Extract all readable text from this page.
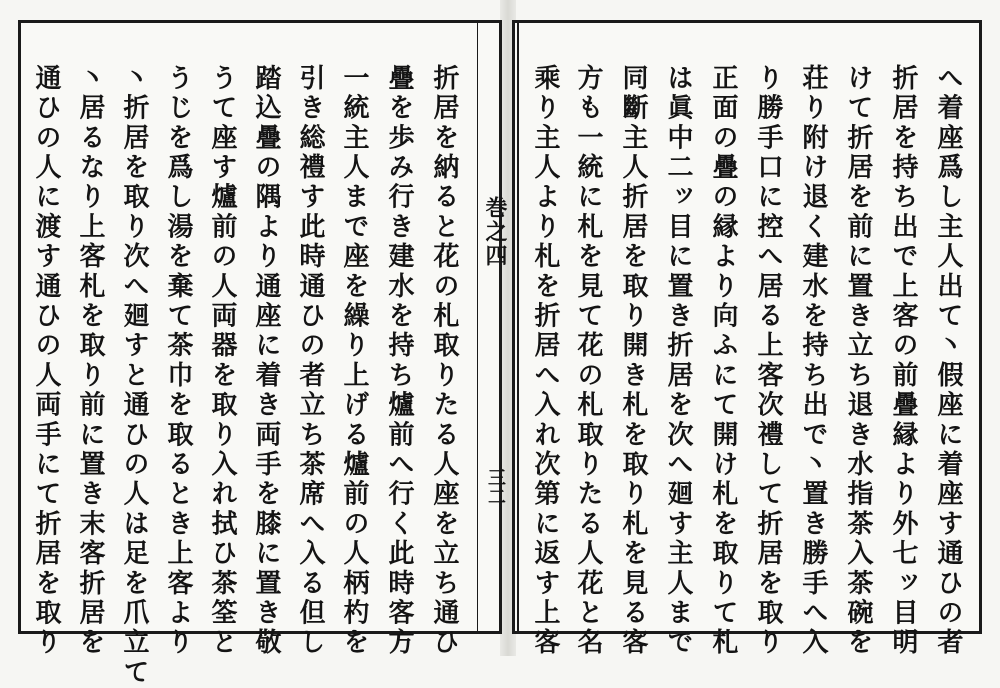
巻之四
三二	へ着座爲し主人出て丶假座に着座す通ひの者
折居を持ち出で上客の前疊縁より外七ッ目明
けて折居を前に置き立ち退き水指茶入茶碗を
荘り附け退く建水を持ち出で丶置き勝手へ入
り勝手口に控へ居る上客次禮して折居を取り
正面の疊の縁より向ふにて開け札を取りて札
は眞中二ッ目に置き折居を次へ廻す主人まで
同斷主人折居を取り開き札を取り札を見る客
方も一統に札を見て花の札取りたる人花と名
乘り主人より札を折居へ入れ次第に返す上客
折居を納ると花の札取りたる人座を立ち通ひ
疊を歩み行き建水を持ち爐前へ行く此時客方
一統主人まで座を繰り上げる爐前の人柄杓を
引き総禮す此時通ひの者立ち茶席へ入る但し
踏込疊の隅より通座に着き両手を膝に置き敬
うて座す爐前の人両器を取り入れ拭ひ茶筌と
うじを爲し湯を棄て茶巾を取るとき上客より
丶折居を取り次へ廻すと通ひの人は足を爪立て
丶居るなり上客札を取り前に置き末客折居を
通ひの人に渡す通ひの人両手にて折居を取り
